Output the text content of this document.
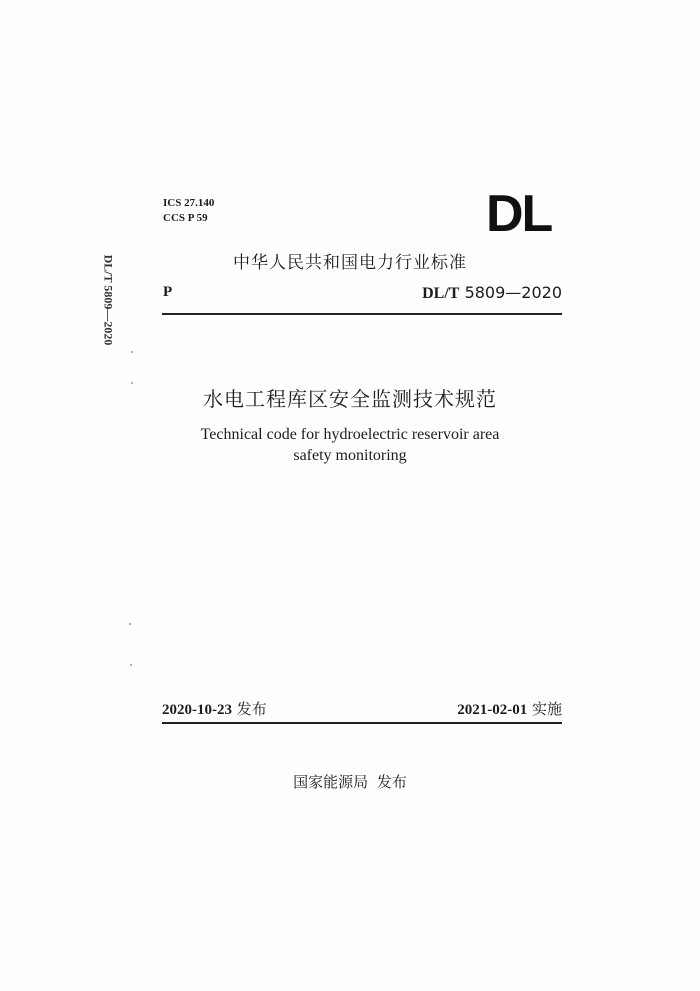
DL/T 5809—2020
ICS 27.140
CCS P 59	DL
中华人民共和国电力行业标准
P	DL/T 5809—2020
水电工程库区安全监测技术规范
Technical code for hydroelectric reservoir area
safety monitoring
2020-10-23 发布	2021-02-01 实施
国家能源局 发布
